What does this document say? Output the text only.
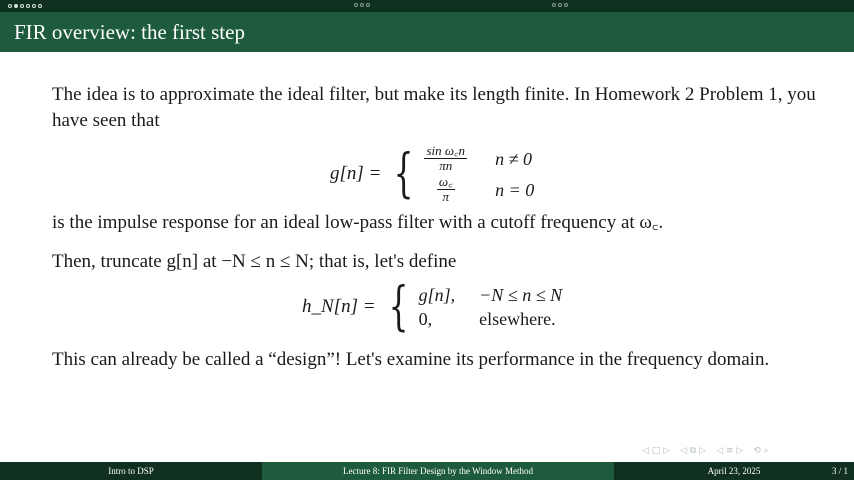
FIR overview: the first step

The idea is to approximate the ideal filter, but make its length finite. In Homework 2 Problem 1, you have seen that

g[n] = { $\frac{\text{sin ω꜀n}}{\pi n}$ n ≠ 0
$\frac{\omega꜀}{\pi}$ n = 0

is the impulse response for an ideal low-pass filter with a cutoff frequency at ω꜀.

Then, truncate g[n] at −N ≤ n ≤ N; that is, let's define

h_N[n] = { g[n], −N ≤ n ≤ N
0,	elsewhere.

This can already be called a “design”! Let's examine its performance in the frequency domain.

◁ □ ▷ ◁ ⧉ ▷ ◁ ≡ ▷ ⟲ ⌕
Intro to DSP	Lecture 8: FIR Filter Design by the Window Method	April 23, 2025	3 / 1
